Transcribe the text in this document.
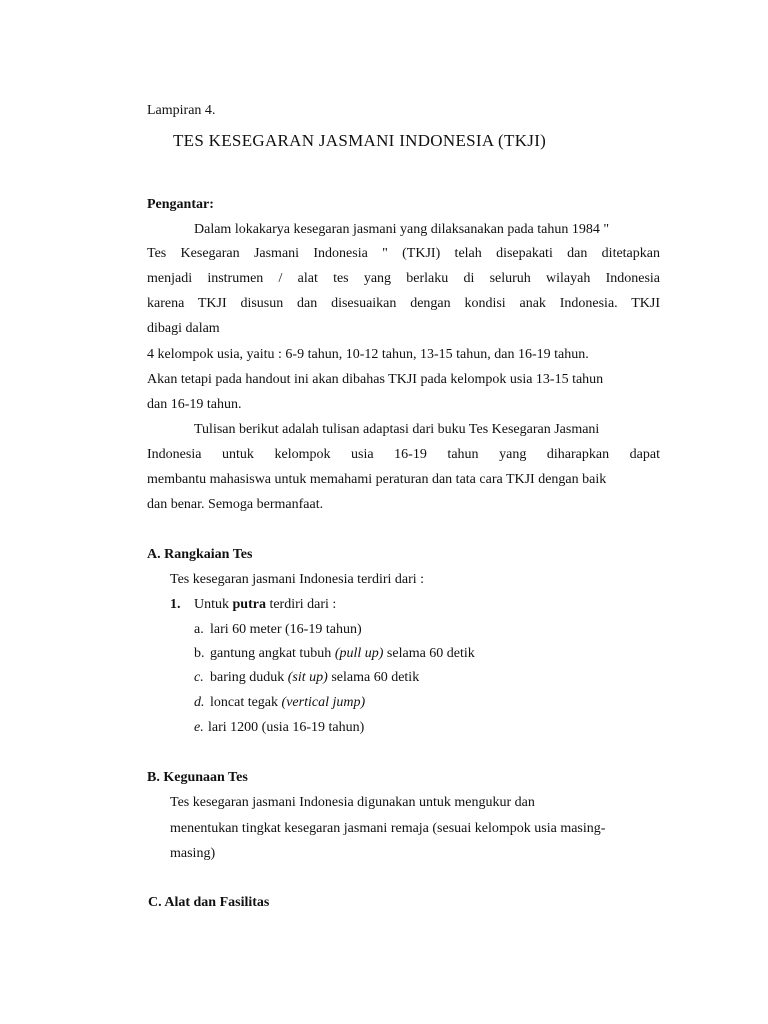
Lampiran 4.
TES KESEGARAN JASMANI INDONESIA (TKJI)
Pengantar:
Dalam lokakarya kesegaran jasmani yang dilaksanakan pada tahun 1984 "
Tes Kesegaran Jasmani Indonesia " (TKJI) telah disepakati dan ditetapkan
menjadi instrumen / alat tes yang berlaku di seluruh wilayah Indonesia
karena TKJI disusun dan disesuaikan dengan kondisi anak Indonesia. TKJI
dibagi dalam
4 kelompok usia, yaitu : 6-9 tahun, 10-12 tahun, 13-15 tahun, dan 16-19 tahun.
Akan tetapi pada handout ini akan dibahas TKJI pada kelompok usia 13-15 tahun
dan 16-19 tahun.
Tulisan berikut adalah tulisan adaptasi dari buku Tes Kesegaran Jasmani
Indonesia untuk kelompok usia 16-19 tahun yang diharapkan dapat
membantu mahasiswa untuk memahami peraturan dan tata cara TKJI dengan baik
dan benar. Semoga bermanfaat.
A. Rangkaian Tes
Tes kesegaran jasmani Indonesia terdiri dari :
1. Untuk putra terdiri dari :
a. lari 60 meter (16-19 tahun)
b. gantung angkat tubuh (pull up) selama 60 detik
c. baring duduk (sit up) selama 60 detik
d. loncat tegak (vertical jump)
e. lari 1200 (usia 16-19 tahun)
B. Kegunaan Tes
Tes kesegaran jasmani Indonesia digunakan untuk mengukur dan
menentukan tingkat kesegaran jasmani remaja (sesuai kelompok usia masing-
masing)
C. Alat dan Fasilitas
